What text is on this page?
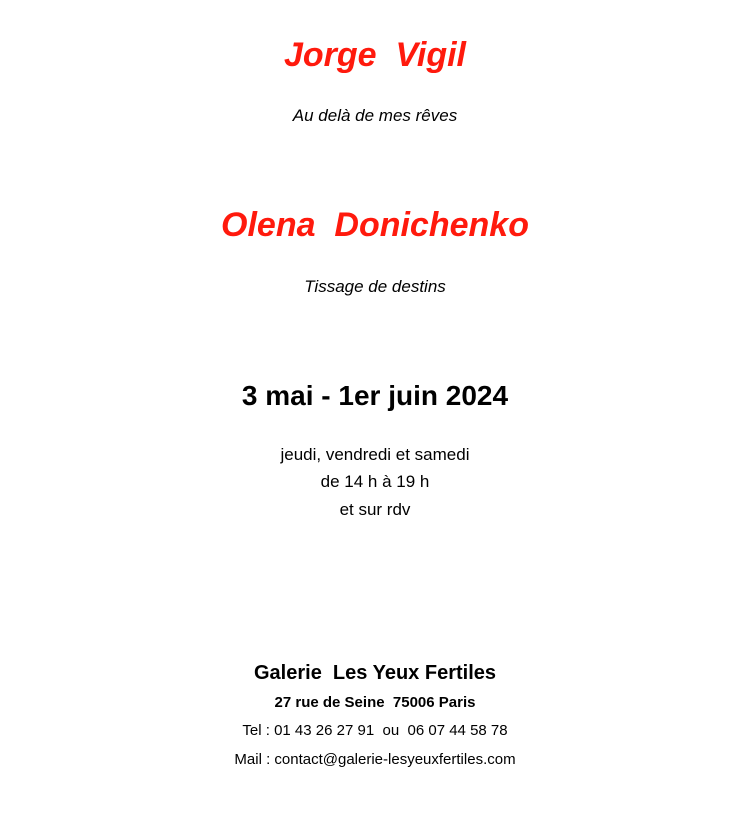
Jorge  Vigil
Au delà de mes rêves
Olena  Donichenko
Tissage de destins
3 mai - 1er juin 2024
jeudi, vendredi et samedi
de 14 h à 19 h
et sur rdv
Galerie  Les Yeux Fertiles
27 rue de Seine  75006 Paris
Tel : 01 43 26 27 91  ou  06 07 44 58 78
Mail : contact@galerie-lesyeuxfertiles.com
